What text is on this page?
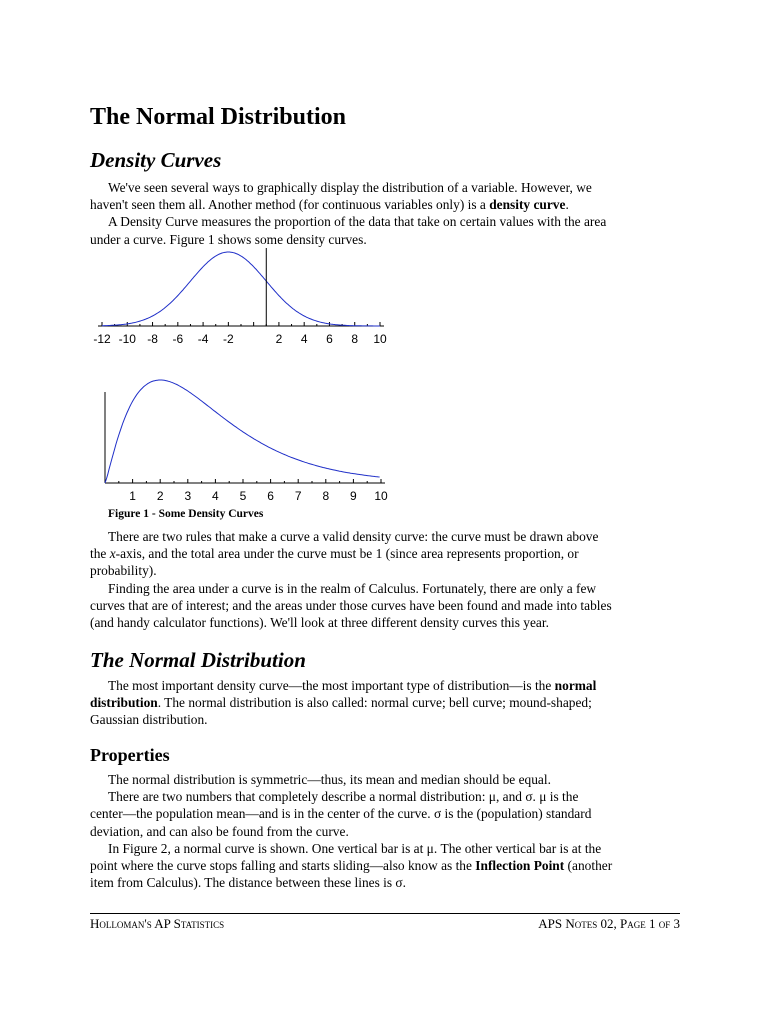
The Normal Distribution
Density Curves

We've seen several ways to graphically display the distribution of a variable. However, we

haven't seen them all. Another method (for continuous variables only) is a density curve.

A Density Curve measures the proportion of the data that take on certain values with the area

under a curve. Figure 1 shows some density curves.

-12 -10 -8 -6 -4 -2	2 4 6 8 10
1 2 3 4 5 6 7 8 9 10

Figure 1 - Some Density Curves

There are two rules that make a curve a valid density curve: the curve must be drawn above

the x-axis, and the total area under the curve must be 1 (since area represents proportion, or

probability).

Finding the area under a curve is in the realm of Calculus. Fortunately, there are only a few

curves that are of interest; and the areas under those curves have been found and made into tables

(and handy calculator functions). We'll look at three different density curves this year.

The Normal Distribution

The most important density curve—the most important type of distribution—is the normal

distribution. The normal distribution is also called: normal curve; bell curve; mound-shaped;

Gaussian distribution.

Properties

The normal distribution is symmetric—thus, its mean and median should be equal.

There are two numbers that completely describe a normal distribution: μ, and σ. μ is the

center—the population mean—and is in the center of the curve. σ is the (population) standard

deviation, and can also be found from the curve.

In Figure 2, a normal curve is shown. One vertical bar is at μ. The other vertical bar is at the

point where the curve stops falling and starts sliding—also know as the Inflection Point (another

item from Calculus). The distance between these lines is σ.

Holloman's AP Statistics	APS Notes 02, Page 1 of 3
